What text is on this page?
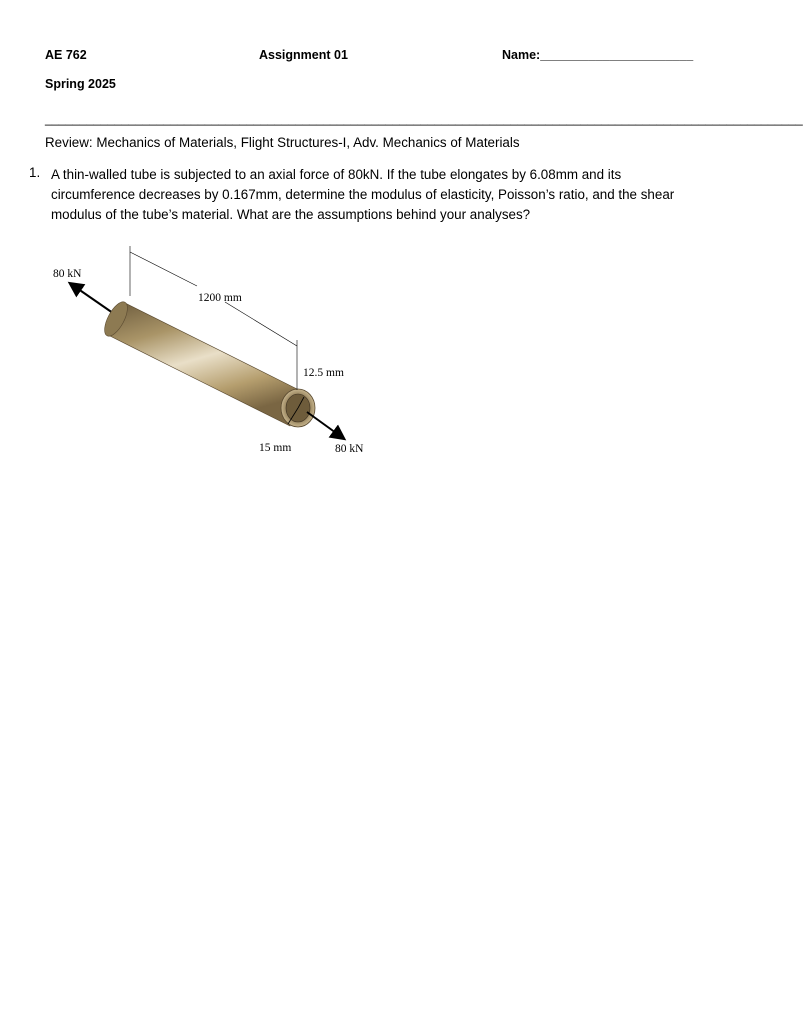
AE 762	Assignment 01	Name:______________________
Spring 2025
_____________________________________________________________________________________________________________
Review: Mechanics of Materials, Flight Structures-I, Adv. Mechanics of Materials
1. A thin-walled tube is subjected to an axial force of 80kN. If the tube elongates by 6.08mm and its
circumference decreases by 0.167mm, determine the modulus of elasticity, Poisson’s ratio, and the shear
modulus of the tube’s material. What are the assumptions behind your analyses?
80 kN
1200 mm
12.5 mm
15 mm	80 kN
